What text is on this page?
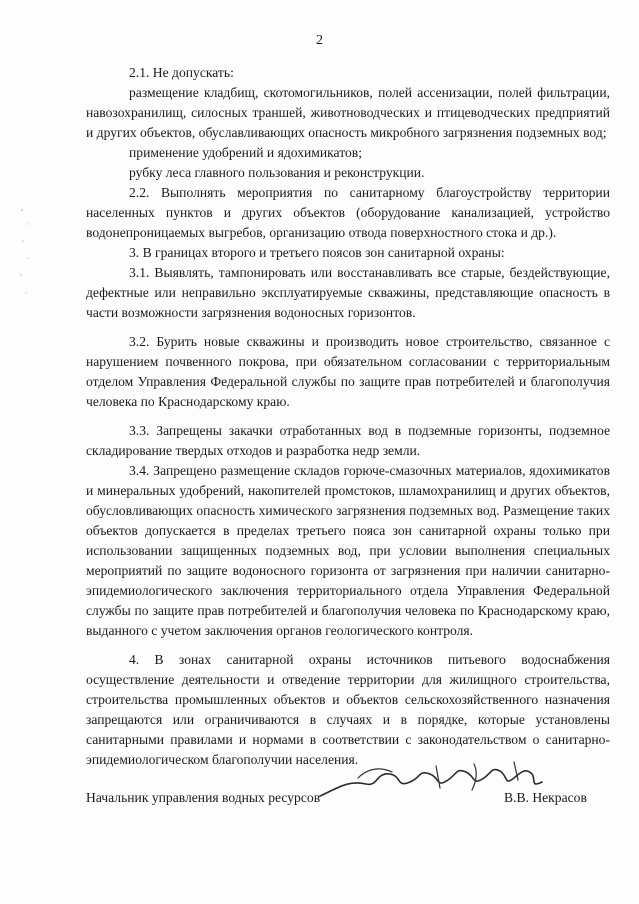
2

2.1. Не допускать:

размещение кладбищ, скотомогильников, полей ассенизации, полей фильтрации, навозохранилищ, силосных траншей, животноводческих и птицеводческих предприятий и других объектов, обуславливающих опасность микробного загрязнения подземных вод;

применение удобрений и ядохимикатов;

рубку леса главного пользования и реконструкции.

2.2. Выполнять мероприятия по санитарному благоустройству территории населенных пунктов и других объектов (оборудование канализацией, устройство водонепроницаемых выгребов, организацию отвода поверхностного стока и др.).

3. В границах второго и третьего поясов зон санитарной охраны:

3.1. Выявлять, тампонировать или восстанавливать все старые, бездействующие, дефектные или неправильно эксплуатируемые скважины, представляющие опасность в части возможности загрязнения водоносных горизонтов.

3.2. Бурить новые скважины и производить новое строительство, связанное с нарушением почвенного покрова, при обязательном согласовании с территориальным отделом Управления Федеральной службы по защите прав потребителей и благополучия человека по Краснодарскому краю.

3.3. Запрещены закачки отработанных вод в подземные горизонты, подземное складирование твердых отходов и разработка недр земли.

3.4. Запрещено размещение складов горюче-смазочных материалов, ядохимикатов и минеральных удобрений, накопителей промстоков, шламохранилищ и других объектов, обусловливающих опасность химического загрязнения подземных вод. Размещение таких объектов допускается в пределах третьего пояса зон санитарной охраны только при использовании защищенных подземных вод, при условии выполнения специальных мероприятий по защите водоносного горизонта от загрязнения при наличии санитарно-эпидемиологического заключения территориального отдела Управления Федеральной службы по защите прав потребителей и благополучия человека по Краснодарскому краю, выданного с учетом заключения органов геологического контроля.

4. В зонах санитарной охраны источников питьевого водоснабжения осуществление деятельности и отведение территории для жилищного строительства, строительства промышленных объектов и объектов сельскохозяйственного назначения запрещаются или ограничиваются в случаях и в порядке, которые установлены санитарными правилами и нормами в соответствии с законодательством о санитарно-эпидемиологическом благополучии населения.

Начальник управления водных ресурсов	В.В. Некрасов
